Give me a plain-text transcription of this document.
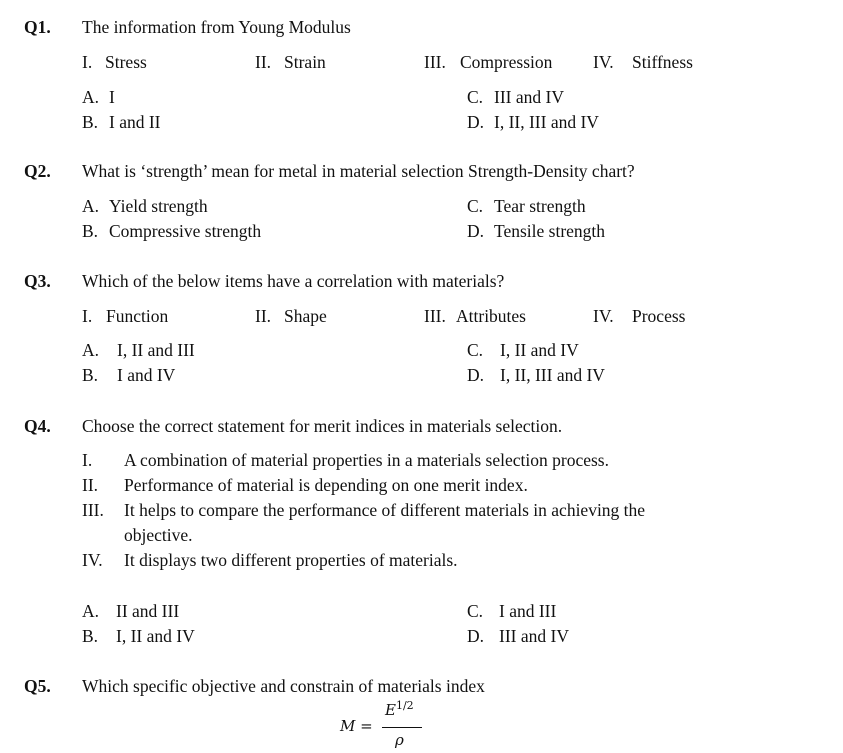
Q1. The information from Young Modulus
I. Stress	II. Strain	III. Compression IV. Stiffness
A. I
B. I and II
C. III and IV
D. I, II, III and IV
Q2. What is ‘strength’ mean for metal in material selection Strength-Density chart?
A. Yield strength
B. Compressive strength
C. Tear strength
D. Tensile strength
Q3. Which of the below items have a correlation with materials?
I. Function	II. Shape	III. Attributes	IV. Process
A. I, II and III
B. I and IV
C. I, II and IV
D. I, II, III and IV
Q4. Choose the correct statement for merit indices in materials selection.
I. A combination of material properties in a materials selection process.
II. Performance of material is depending on one merit index.
III. It helps to compare the performance of different materials in achieving the
objective.
IV. It displays two different properties of materials.
A. II and III
B. I, II and IV
C. I and III
D. III and IV
Q5. Which specific objective and constrain of materials index
M =
$E^{1/2}$
ρ
